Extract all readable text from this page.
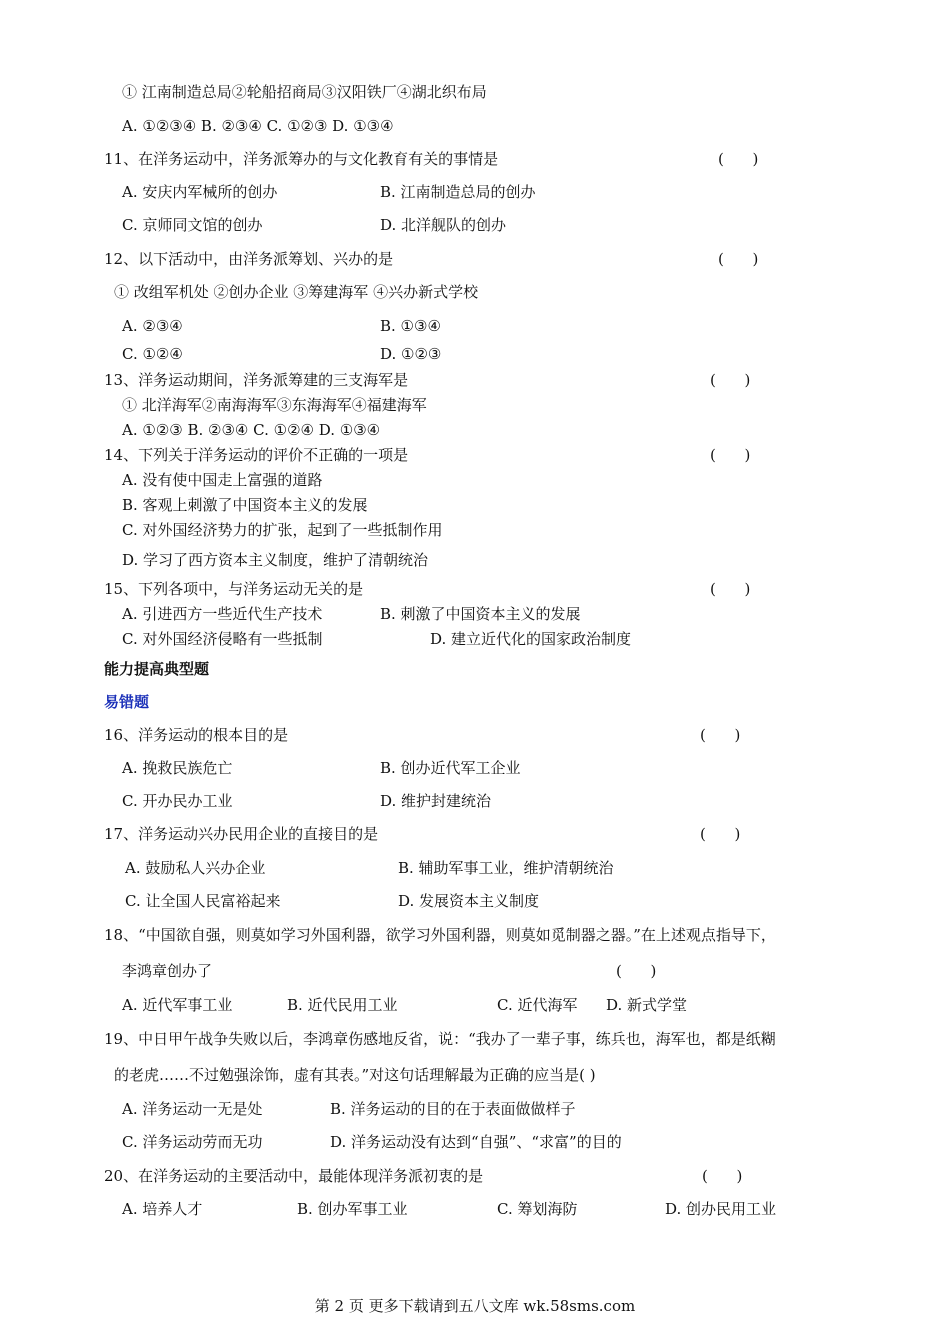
① 江南制造总局②轮船招商局③汉阳铁厂④湖北织布局
A. ①②③④ B. ②③④ C. ①②③ D. ①③④
11、在洋务运动中，洋务派筹办的与文化教育有关的事情是	(      )
A. 安庆内军械所的创办	B. 江南制造总局的创办
C. 京师同文馆的创办	D. 北洋舰队的创办
12、以下活动中，由洋务派筹划、兴办的是	(      )
① 改组军机处 ②创办企业 ③筹建海军 ④兴办新式学校
A. ②③④	B. ①③④
C. ①②④	D. ①②③
13、洋务运动期间，洋务派筹建的三支海军是	(      )
① 北洋海军②南海海军③东海海军④福建海军
A. ①②③ B. ②③④ C. ①②④ D. ①③④
14、下列关于洋务运动的评价不正确的一项是	(      )
A. 没有使中国走上富强的道路
B. 客观上刺激了中国资本主义的发展
C. 对外国经济势力的扩张，起到了一些抵制作用
D. 学习了西方资本主义制度，维护了清朝统治
15、下列各项中，与洋务运动无关的是	(      )
A. 引进西方一些近代生产技术	B. 刺激了中国资本主义的发展
C. 对外国经济侵略有一些抵制	D. 建立近代化的国家政治制度
能力提高典型题
易错题
16、洋务运动的根本目的是	(      )
A. 挽救民族危亡	B. 创办近代军工企业
C. 开办民办工业	D. 维护封建统治
17、洋务运动兴办民用企业的直接目的是	(      )
A. 鼓励私人兴办企业	B. 辅助军事工业，维护清朝统治
C. 让全国人民富裕起来	D. 发展资本主义制度
18、“中国欲自强，则莫如学习外国利器，欲学习外国利器，则莫如觅制器之器。”在上述观点指导下，
李鸿章创办了	(      )
A. 近代军事工业	B. 近代民用工业	C. 近代海军 D. 新式学堂
19、中日甲午战争失败以后，李鸿章伤感地反省，说：“我办了一辈子事，练兵也，海军也，都是纸糊
的老虎……不过勉强涂饰，虚有其表。”对这句话理解最为正确的应当是( )
A. 洋务运动一无是处	B. 洋务运动的目的在于表面做做样子
C. 洋务运动劳而无功	D. 洋务运动没有达到“自强”、“求富”的目的
20、在洋务运动的主要活动中，最能体现洋务派初衷的是	(      )
A. 培养人才	B. 创办军事工业	C. 筹划海防	D. 创办民用工业
第 2 页 更多下载请到五八文库 wk.58sms.com
